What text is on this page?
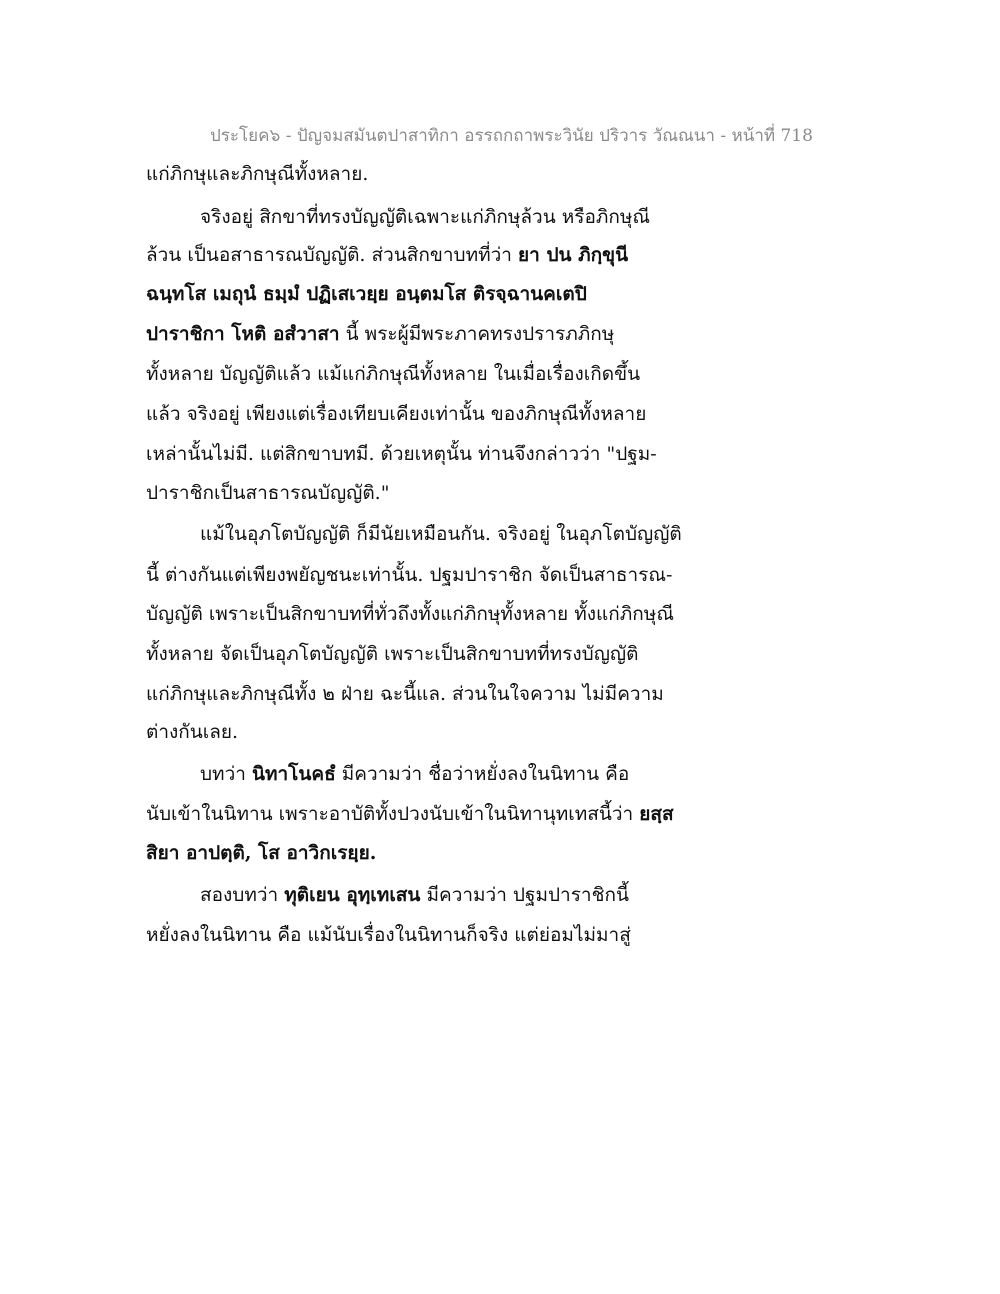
ประโยค๖ - ปัญจมสมันตปาสาทิกา อรรถกถาพระวินัย ปริวาร วัณณนา - หน้าที่ 718

แก่ภิกษุและภิกษุณีทั้งหลาย.

จริงอยู่ สิกขาที่ทรงบัญญัติเฉพาะแก่ภิกษุล้วน หรือภิกษุณี

ล้วน เป็นอสาธารณบัญญัติ. ส่วนสิกขาบทที่ว่า ยา ปน ภิกฺขุนี

ฉนฺทโส เมถุนํ ธมฺมํ ปฏิเสเวยฺย อนฺตมโส ติรจฺฉานคเตปิ

ปาราชิกา โหติ อสํวาสา นี้ พระผู้มีพระภาคทรงปรารภภิกษุ

ทั้งหลาย บัญญัติแล้ว แม้แก่ภิกษุณีทั้งหลาย ในเมื่อเรื่องเกิดขึ้น

แล้ว จริงอยู่ เพียงแต่เรื่องเทียบเคียงเท่านั้น ของภิกษุณีทั้งหลาย

เหล่านั้นไม่มี. แต่สิกขาบทมี. ด้วยเหตุนั้น ท่านจึงกล่าวว่า "ปฐม-

ปาราชิกเป็นสาธารณบัญญัติ."

แม้ในอุภโตบัญญัติ ก็มีนัยเหมือนกัน. จริงอยู่ ในอุภโตบัญญัติ

นี้ ต่างกันแต่เพียงพยัญชนะเท่านั้น. ปฐมปาราชิก จัดเป็นสาธารณ-

บัญญัติ เพราะเป็นสิกขาบทที่ทั่วถึงทั้งแก่ภิกษุทั้งหลาย ทั้งแก่ภิกษุณี

ทั้งหลาย จัดเป็นอุภโตบัญญัติ เพราะเป็นสิกขาบทที่ทรงบัญญัติ

แก่ภิกษุและภิกษุณีทั้ง ๒ ฝ่าย ฉะนี้แล. ส่วนในใจความ ไม่มีความ

ต่างกันเลย.

บทว่า นิทาโนคธํ มีความว่า ชื่อว่าหยั่งลงในนิทาน คือ

นับเข้าในนิทาน เพราะอาบัติทั้งปวงนับเข้าในนิทานุทเทสนี้ว่า ยสฺส

สิยา อาปตฺติ, โส อาวิกเรยฺย.

สองบทว่า ทุติเยน อุทฺเทเสน มีความว่า ปฐมปาราชิกนี้

หยั่งลงในนิทาน คือ แม้นับเรื่องในนิทานก็จริง แต่ย่อมไม่มาสู่
